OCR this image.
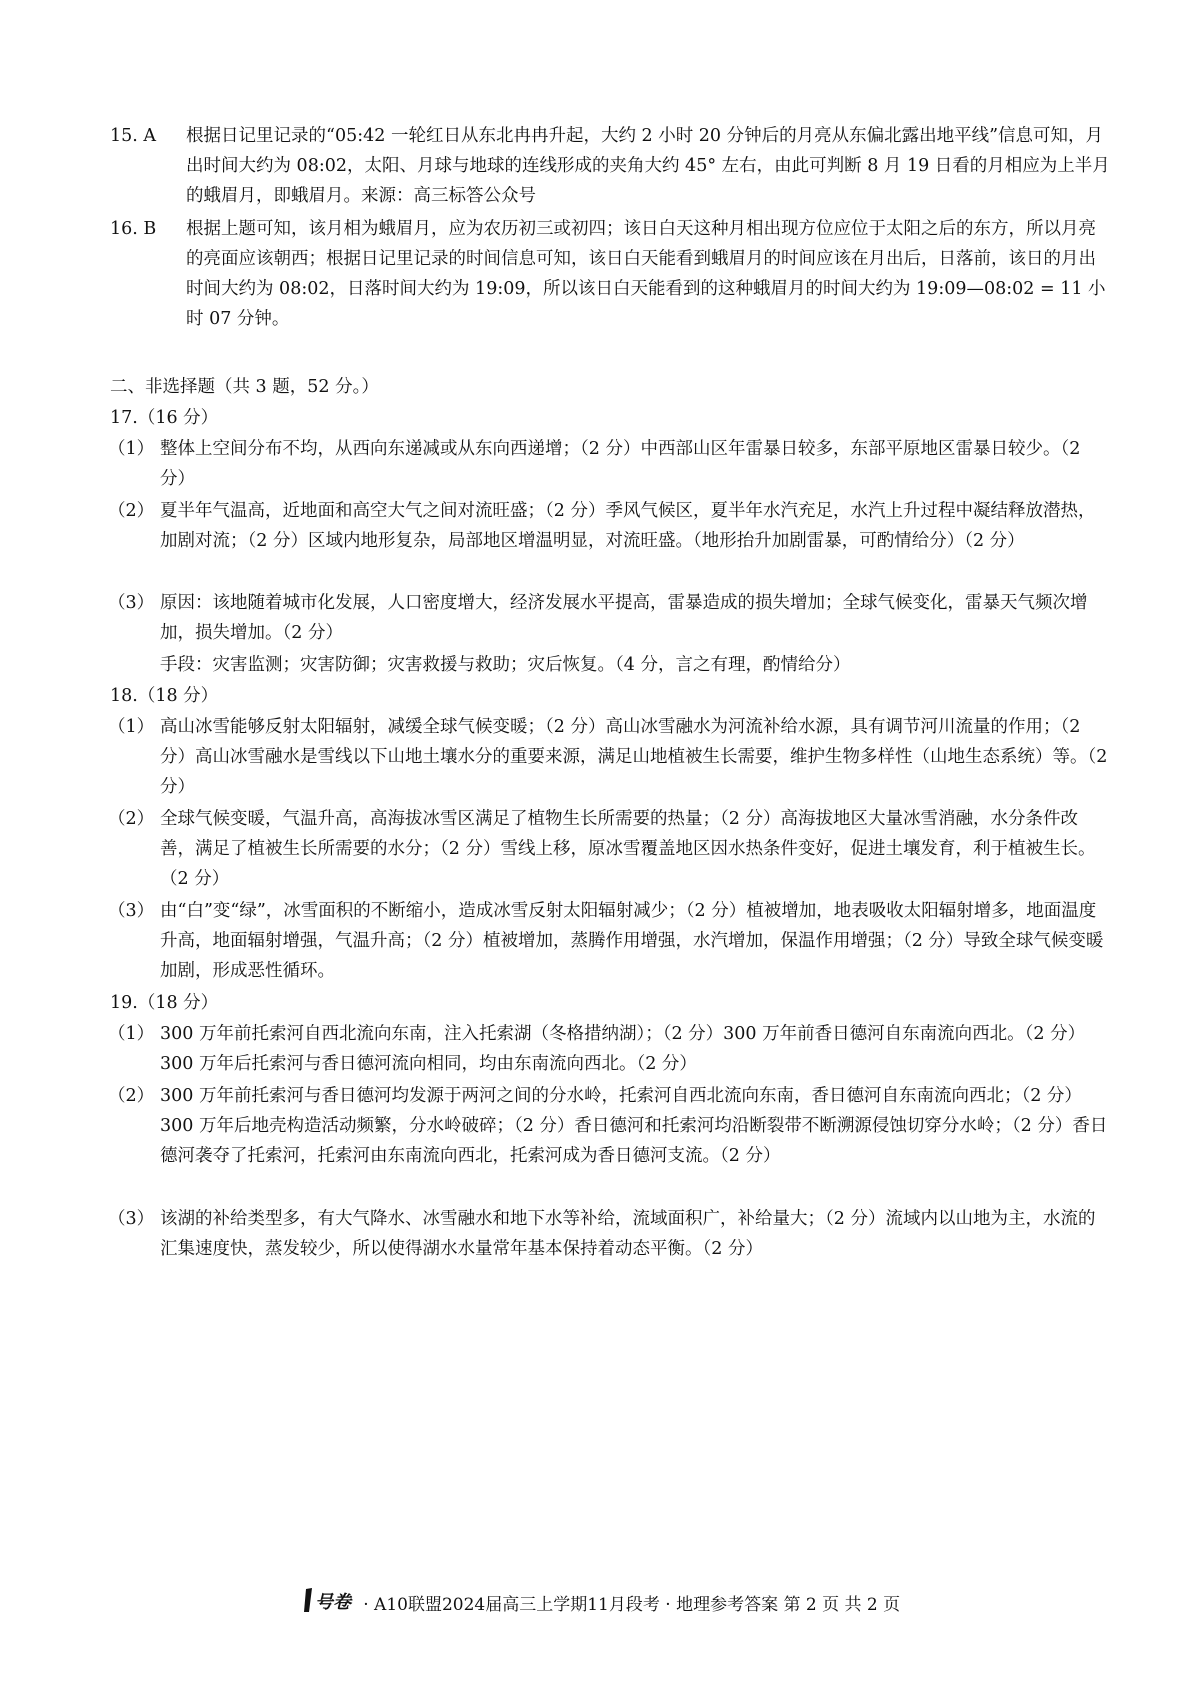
15. A	根据日记里记录的“05:42 一轮红日从东北冉冉升起，大约 2 小时 20 分钟后的月亮从东偏北露出地平线”信息可知，月出时间大约为 08:02，太阳、月球与地球的连线形成的夹角大约 45° 左右，由此可判断 8 月 19 日看的月相应为上半月的蛾眉月，即蛾眉月。来源：高三标答公众号
16. B	根据上题可知，该月相为蛾眉月，应为农历初三或初四；该日白天这种月相出现方位应位于太阳之后的东方，所以月亮的亮面应该朝西；根据日记里记录的时间信息可知，该日白天能看到蛾眉月的时间应该在月出后，日落前，该日的月出时间大约为 08:02，日落时间大约为 19:09，所以该日白天能看到的这种蛾眉月的时间大约为 19:09—08:02 = 11 小时 07 分钟。
二、非选择题（共 3 题，52 分。）
17.（16 分）
（1） 整体上空间分布不均，从西向东递减或从东向西递增；（2 分）中西部山区年雷暴日较多，东部平原地区雷暴日较少。（2 分）
（2） 夏半年气温高，近地面和高空大气之间对流旺盛；（2 分）季风气候区，夏半年水汽充足，水汽上升过程中凝结释放潜热，加剧对流；（2 分）区域内地形复杂，局部地区增温明显，对流旺盛。（地形抬升加剧雷暴，可酌情给分）（2 分）
（3） 原因：该地随着城市化发展，人口密度增大，经济发展水平提高，雷暴造成的损失增加；全球气候变化，雷暴天气频次增加，损失增加。（2 分）
手段：灾害监测；灾害防御；灾害救援与救助；灾后恢复。（4 分，言之有理，酌情给分）
18.（18 分）
（1） 高山冰雪能够反射太阳辐射，减缓全球气候变暖；（2 分）高山冰雪融水为河流补给水源，具有调节河川流量的作用；（2 分）高山冰雪融水是雪线以下山地土壤水分的重要来源，满足山地植被生长需要，维护生物多样性（山地生态系统）等。（2 分）
（2） 全球气候变暖，气温升高，高海拔冰雪区满足了植物生长所需要的热量；（2 分）高海拔地区大量冰雪消融，水分条件改善，满足了植被生长所需要的水分；（2 分）雪线上移，原冰雪覆盖地区因水热条件变好，促进土壤发育，利于植被生长。（2 分）
（3） 由“白”变“绿”，冰雪面积的不断缩小，造成冰雪反射太阳辐射减少；（2 分）植被增加，地表吸收太阳辐射增多，地面温度升高，地面辐射增强，气温升高；（2 分）植被增加，蒸腾作用增强，水汽增加，保温作用增强；（2 分）导致全球气候变暖加剧，形成恶性循环。
19.（18 分）
（1） 300 万年前托索河自西北流向东南，注入托索湖（冬格措纳湖）；（2 分）300 万年前香日德河自东南流向西北。（2 分）300 万年后托索河与香日德河流向相同，均由东南流向西北。（2 分）
（2） 300 万年前托索河与香日德河均发源于两河之间的分水岭，托索河自西北流向东南，香日德河自东南流向西北；（2 分）300 万年后地壳构造活动频繁，分水岭破碎；（2 分）香日德河和托索河均沿断裂带不断溯源侵蚀切穿分水岭；（2 分）香日德河袭夺了托索河，托索河由东南流向西北，托索河成为香日德河支流。（2 分）
（3） 该湖的补给类型多，有大气降水、冰雪融水和地下水等补给，流域面积广，补给量大；（2 分）流域内以山地为主，水流的汇集速度快，蒸发较少，所以使得湖水水量常年基本保持着动态平衡。（2 分）
号卷 · A10联盟2024届高三上学期11月段考 · 地理参考答案 第 2 页 共 2 页
